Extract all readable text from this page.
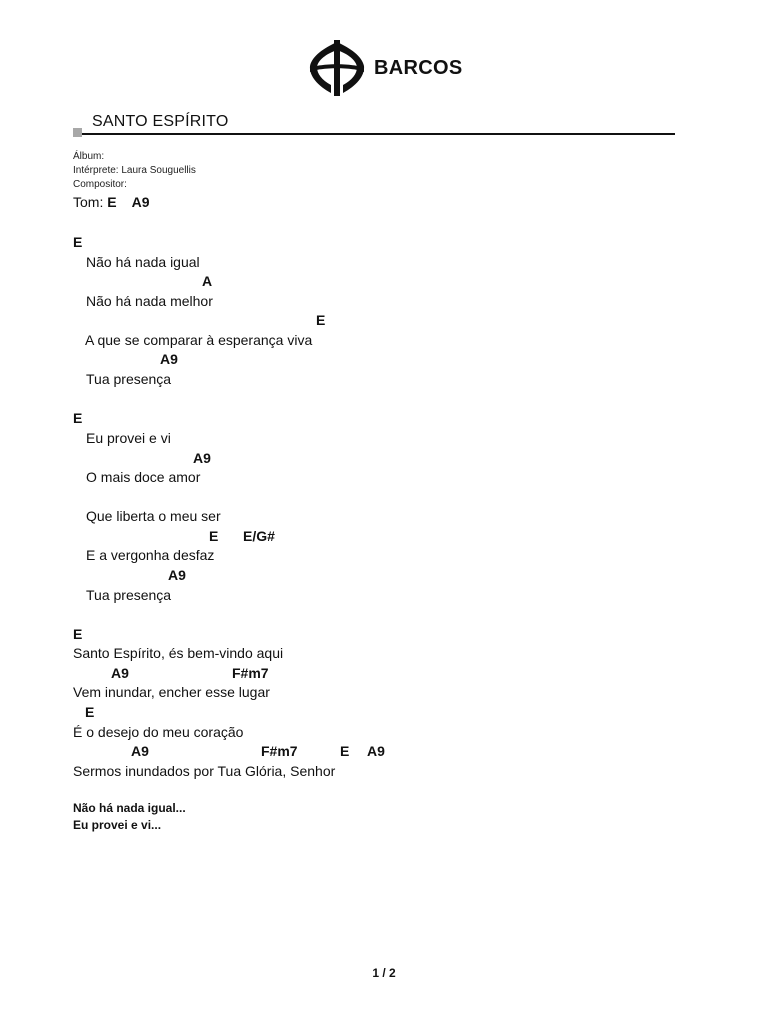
BARCOS
SANTO ESPÍRITO
Álbum:
Intérprete: Laura Souguellis
Compositor:
Tom: E    A9
E
Não há nada igual
A
Não há nada melhor
E
A que se comparar à esperança viva
A9
Tua presença
E
Eu provei e vi
A9
O mais doce amor
Que liberta o meu ser
E E/G#
E a vergonha desfaz
A9
Tua presença
E
Santo Espírito, és bem-vindo aqui
A9	F#m7
Vem inundar, encher esse lugar
E
É o desejo do meu coração
A9	F#m7	E A9
Sermos inundados por Tua Glória, Senhor
Não há nada igual...
Eu provei e vi...
1 / 2
